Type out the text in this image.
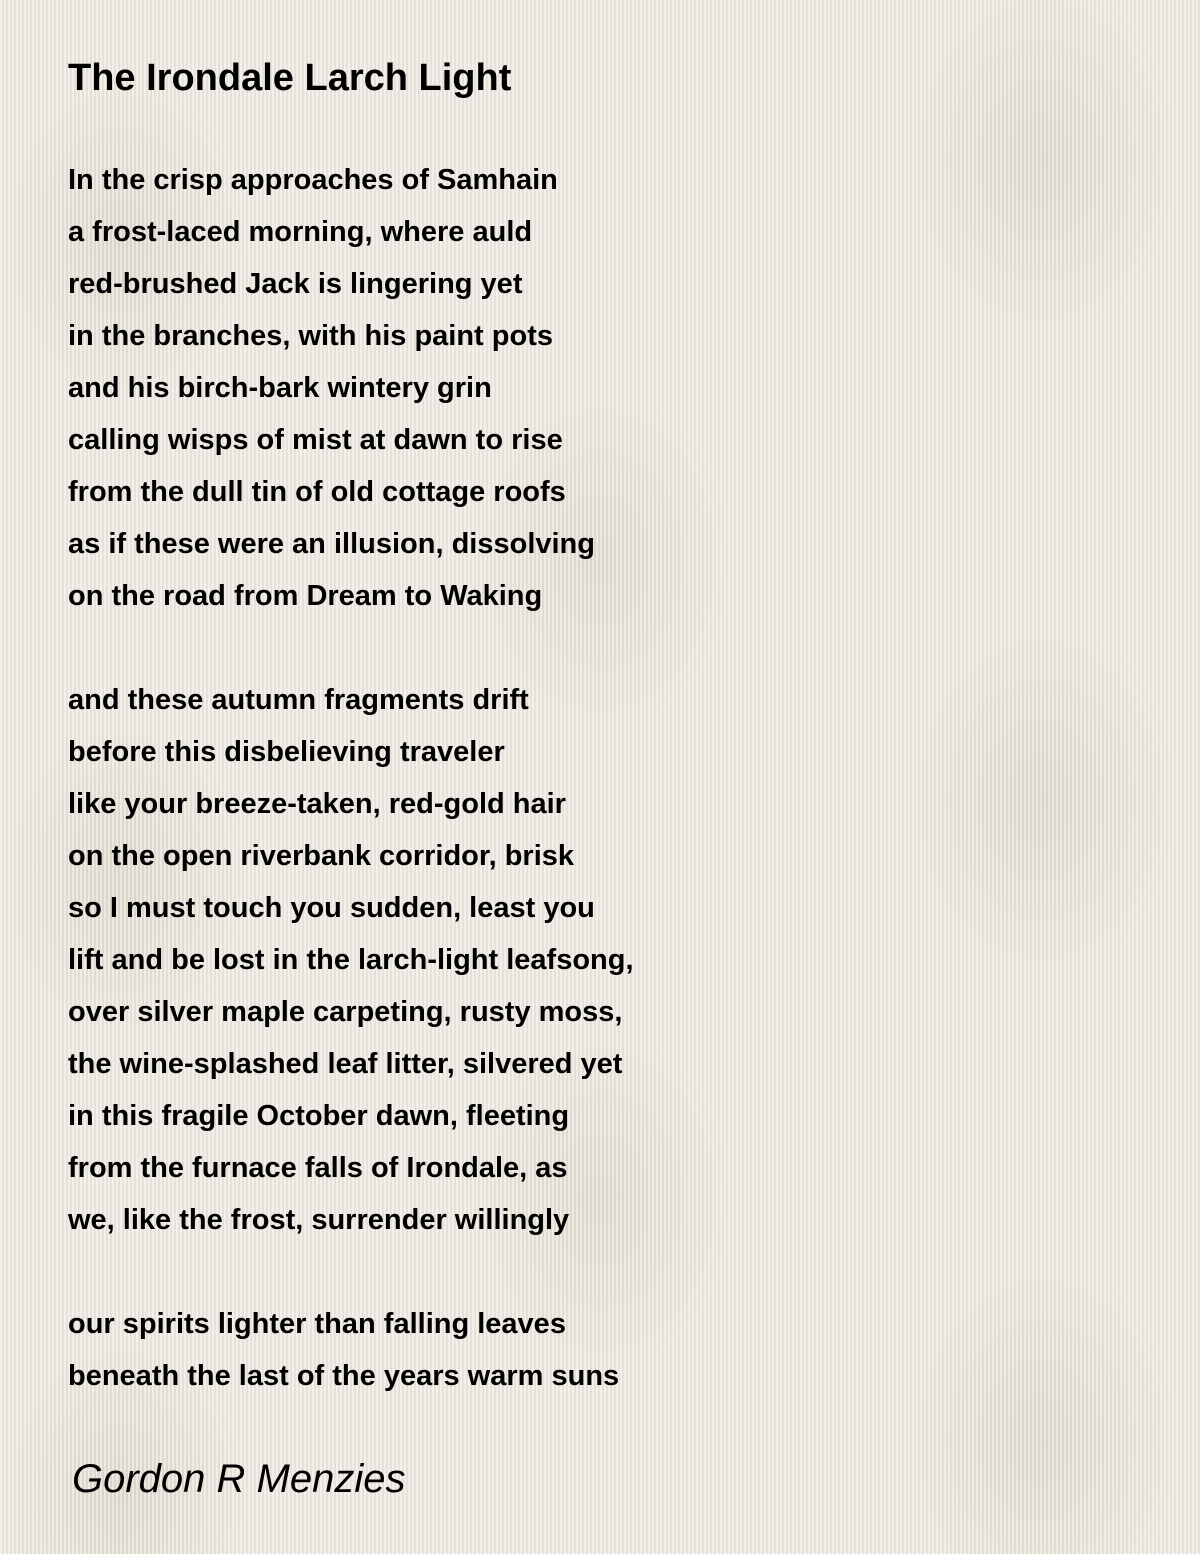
The Irondale Larch Light
In the crisp approaches of Samhain
a frost-laced morning, where auld
red-brushed Jack is lingering yet
in the branches, with his paint pots
and his birch-bark wintery grin
calling wisps of mist at dawn to rise
from the dull tin of old cottage roofs
as if these were an illusion, dissolving
on the road from Dream to Waking
and these autumn fragments drift
before this disbelieving traveler
like your breeze-taken, red-gold hair
on the open riverbank corridor, brisk
so I must touch you sudden, least you
lift and be lost in the larch-light leafsong,
over silver maple carpeting, rusty moss,
the wine-splashed leaf litter, silvered yet
in this fragile October dawn, fleeting
from the furnace falls of Irondale, as
we, like the frost, surrender willingly
our spirits lighter than falling leaves
beneath the last of the years warm suns

Gordon R Menzies
